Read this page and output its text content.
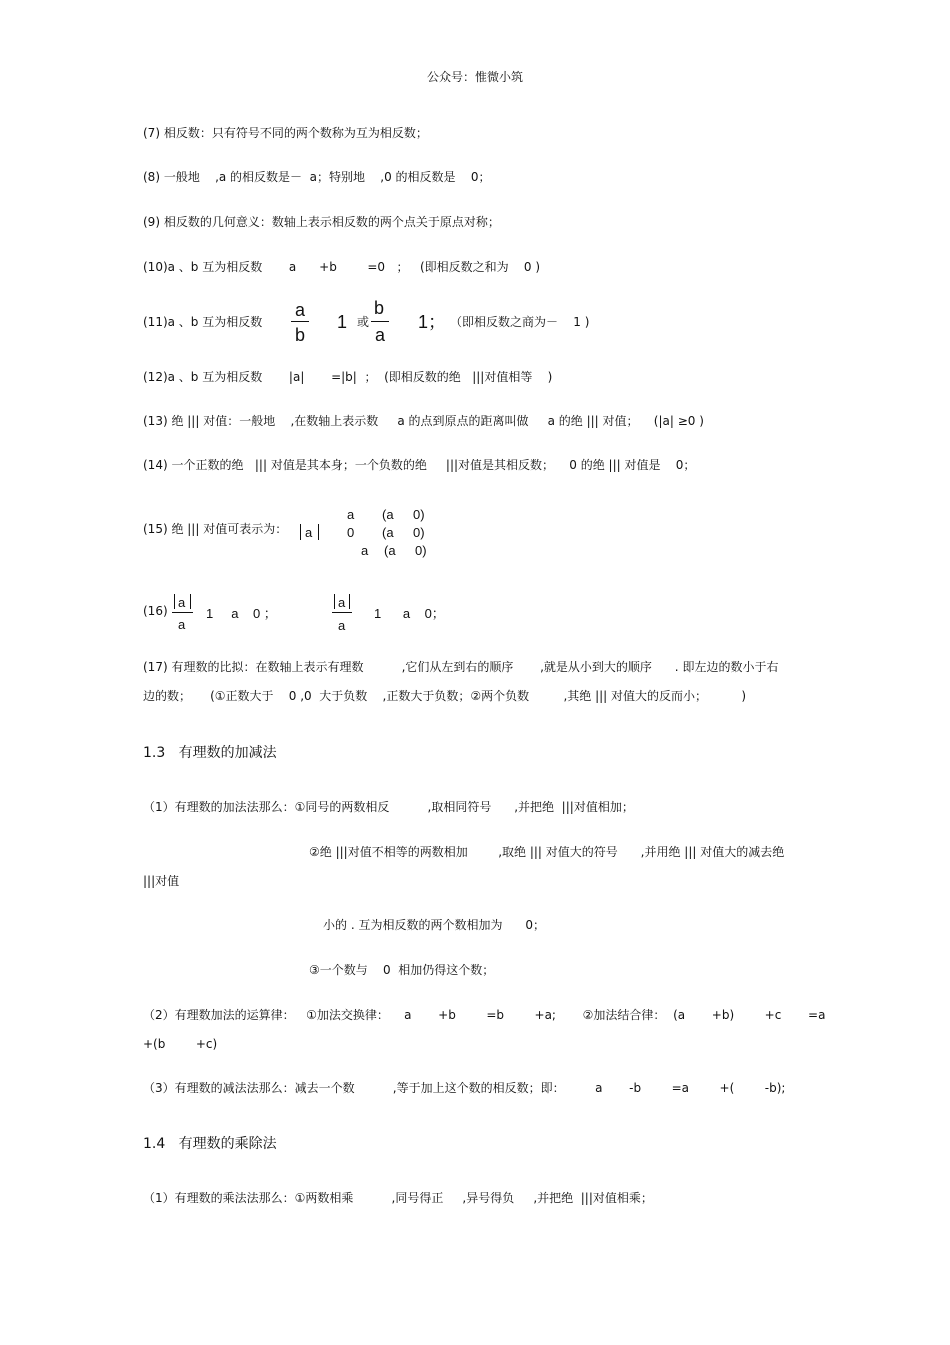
公众号：惟微小筑
(7) 相反数：只有符号不同的两个数称为互为相反数；
(8) 一般地    ,a 的相反数是－  a；特别地    ,0 的相反数是    0；
(9) 相反数的几何意义：数轴上表示相反数的两个点关于原点对称；
(10)a 、b 互为相反数       a      +b        =0   ；   (即相反数之和为    0 )
(11)a 、b 互为相反数
a
b
1 或
b
a
1； （即相反数之商为－    1 )
(12)a 、b 互为相反数       |a|       =|b|  ；  (即相反数的绝   |||对值相等    )
(13) 绝 ||| 对值：一般地    ,在数轴上表示数     a 的点到原点的距离叫做     a 的绝 ||| 对值；    (|a| ≥0 )
(14) 一个正数的绝   ||| 对值是其本身；一个负数的绝     |||对值是其相反数；    0 的绝 ||| 对值是    0；
(15) 绝 ||| 对值可表示为： a
a (a 0)
0 (a 0)
a (a 0)
(16)
a
a
1     a    0 ；
a
a
1      a    0；
(17) 有理数的比拟：在数轴上表示有理数          ,它们从左到右的顺序       ,就是从小到大的顺序      . 即左边的数小于右
边的数；     (①正数大于    0 ,0  大于负数    ,正数大于负数；②两个负数         ,其绝 ||| 对值大的反而小；         )
1.3   有理数的加减法
（1）有理数的加法法那么：①同号的两数相反          ,取相同符号      ,并把绝  |||对值相加；
②绝 |||对值不相等的两数相加        ,取绝 ||| 对值大的符号      ,并用绝 ||| 对值大的减去绝
|||对值
小的 . 互为相反数的两个数相加为      0；
③一个数与    0  相加仍得这个数；
（2）有理数加法的运算律：   ①加法交换律：    a       +b        =b        +a;       ②加法结合律：  (a       +b)        +c       =a
+(b        +c)
（3）有理数的减法法那么：减去一个数          ,等于加上这个数的相反数；即：        a       -b        =a        +(        -b);
1.4   有理数的乘除法
（1）有理数的乘法法那么：①两数相乘          ,同号得正     ,异号得负     ,并把绝  |||对值相乘；
